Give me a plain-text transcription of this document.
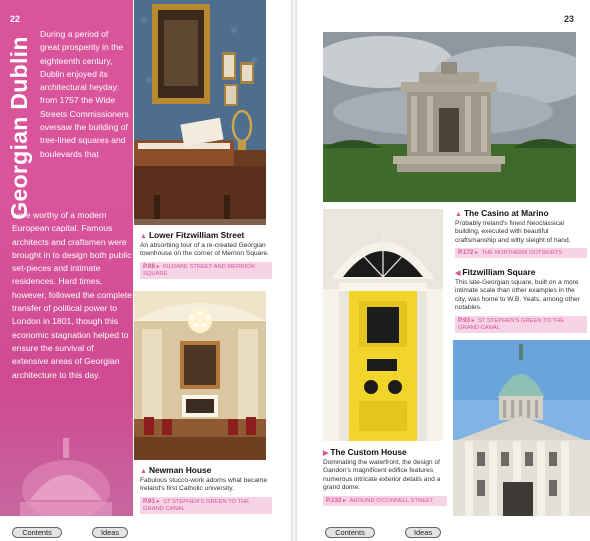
22
Georgian Dublin
During a period of great prosperity in the eighteenth century, Dublin enjoyed its architectural heyday: from 1757 the Wide Streets Commissioners oversaw the building of tree-lined squares and boulevards that
were worthy of a modern European capital. Famous architects and craftsmen were brought in to design both public set-pieces and intimate residences. Hard times, however, followed the complete transfer of political power to London in 1801, though this economic stagnation helped to ensure the survival of extensive areas of Georgian architecture to this day.
▲ Lower Fitzwilliam Street
An absorbing tour of a re-created Georgian townhouse on the corner of Merrion Square.
P.88 ▸ KILDARE STREET AND MERRION SQUARE
▲ Newman House
Fabulous stucco-work adorns what became Ireland's first Catholic university.
P.91 ▸ ST STEPHEN'S GREEN TO THE GRAND CANAL
Contents	Ideas
23
▲ The Casino at Marino
Probably Ireland's finest Neoclassical building, executed with beautiful craftsmanship and witty sleight of hand.
P.172 ▸ THE NORTHERN OUTSKIRTS
◀ Fitzwilliam Square
This late-Georgian square, built on a more intimate scale than other examples in the city, was home to W.B. Yeats, among other notables.
P.93 ▸ ST STEPHEN'S GREEN TO THE GRAND CANAL
▶ The Custom House
Dominating the waterfront, the design of Gandon's magnificent edifice features numerous intricate exterior details and a grand dome.
P.133 ▸ AROUND O'CONNELL STREET
Contents	Ideas
